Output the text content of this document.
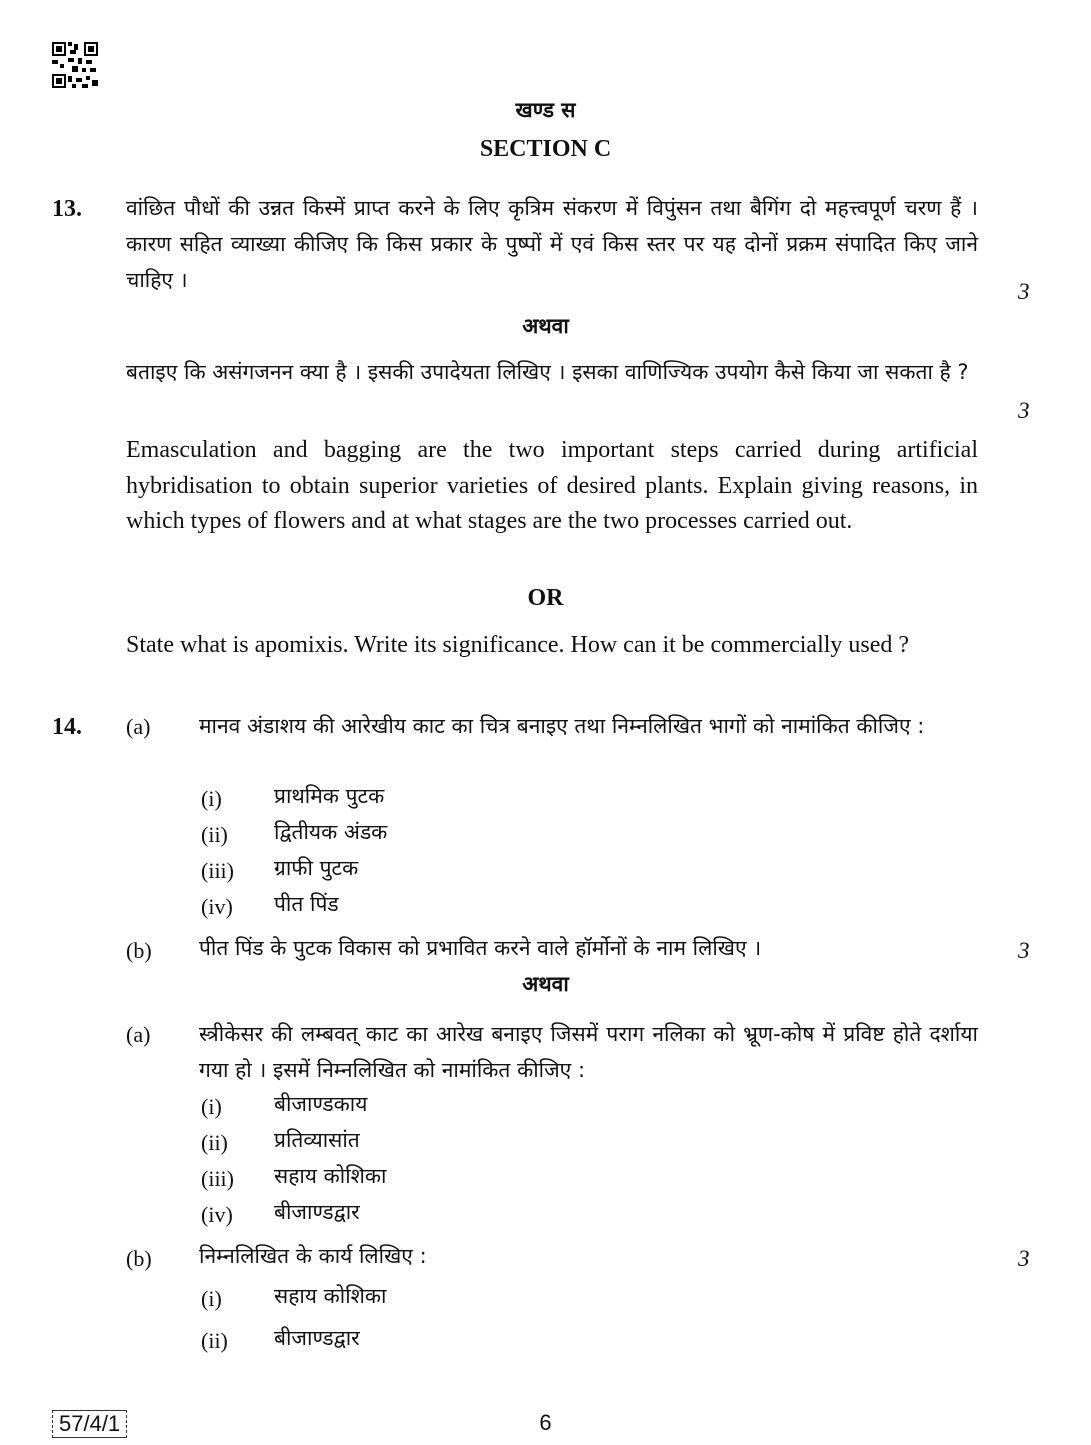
खण्ड स
SECTION C
13. वांछित पौधों की उन्नत किस्में प्राप्त करने के लिए कृत्रिम संकरण में विपुंसन तथा बैगिंग दो महत्त्वपूर्ण चरण हैं । कारण सहित व्याख्या कीजिए कि किस प्रकार के पुष्पों में एवं किस स्तर पर यह दोनों प्रक्रम संपादित किए जाने चाहिए ।	3
अथवा
बताइए कि असंगजनन क्या है । इसकी उपादेयता लिखिए । इसका वाणिज्यिक उपयोग कैसे किया जा सकता है ?
3
Emasculation and bagging are the two important steps carried during artificial hybridisation to obtain superior varieties of desired plants. Explain giving reasons, in which types of flowers and at what stages are the two processes carried out.
OR
State what is apomixis. Write its significance. How can it be commercially used ?
14. (a) मानव अंडाशय की आरेखीय काट का चित्र बनाइए तथा निम्नलिखित भागों को नामांकित कीजिए :
(i) प्राथमिक पुटक
(ii) द्वितीयक अंडक
(iii) ग्राफी पुटक
(iv) पीत पिंड
(b) पीत पिंड के पुटक विकास को प्रभावित करने वाले हॉर्मोनों के नाम लिखिए ।	3
अथवा
(a) स्त्रीकेसर की लम्बवत् काट का आरेख बनाइए जिसमें पराग नलिका को भ्रूण-कोष में प्रविष्ट होते दर्शाया गया हो । इसमें निम्नलिखित को नामांकित कीजिए :
(i) बीजाण्डकाय
(ii) प्रतिव्यासांत
(iii) सहाय कोशिका
(iv) बीजाण्डद्वार
(b) निम्नलिखित के कार्य लिखिए :	3
(i) सहाय कोशिका
(ii) बीजाण्डद्वार
57/4/1	6
